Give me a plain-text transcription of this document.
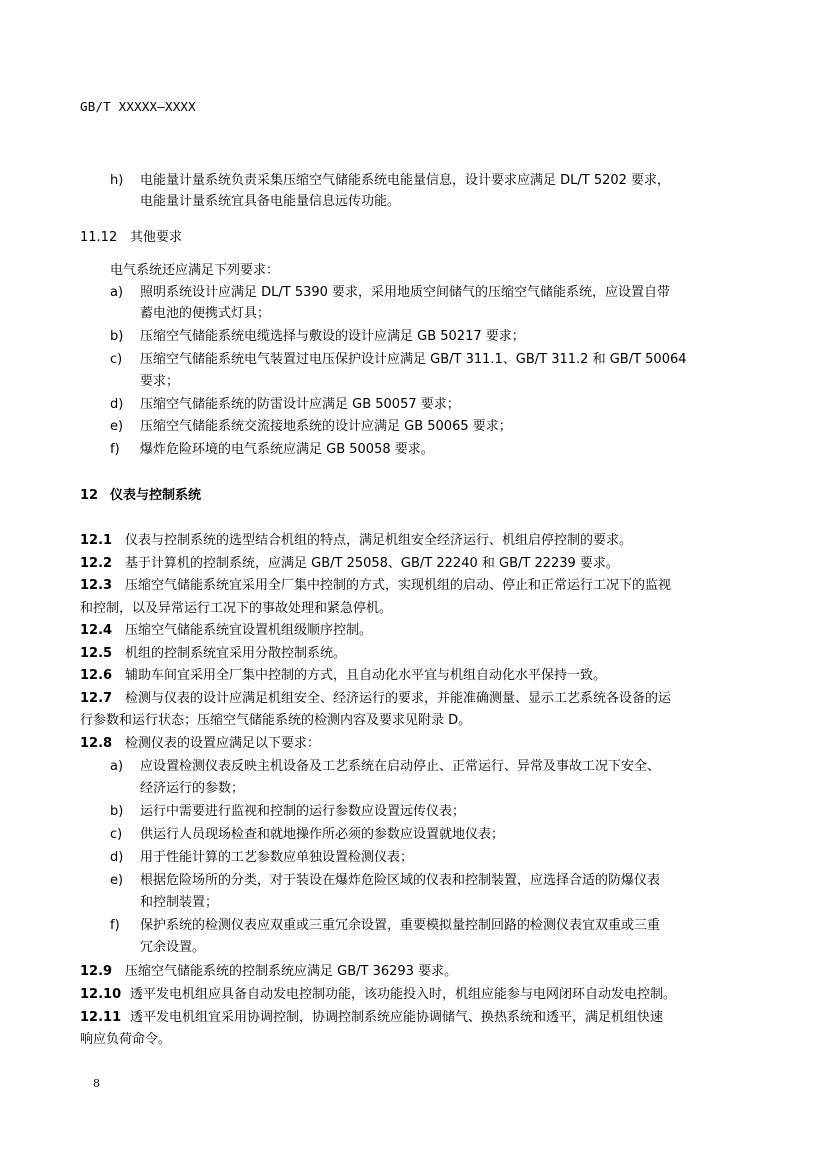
GB/T XXXXX—XXXX
h) 电能量计量系统负责采集压缩空气储能系统电能量信息，设计要求应满足 DL/T 5202 要求，
电能量计量系统宜具备电能量信息远传功能。
11.12 其他要求
电气系统还应满足下列要求：
a) 照明系统设计应满足 DL/T 5390 要求，采用地质空间储气的压缩空气储能系统，应设置自带
蓄电池的便携式灯具；
b) 压缩空气储能系统电缆选择与敷设的设计应满足 GB 50217 要求；
c) 压缩空气储能系统电气装置过电压保护设计应满足 GB/T 311.1、GB/T 311.2 和 GB/T 50064
要求；
d) 压缩空气储能系统的防雷设计应满足 GB 50057 要求；
e) 压缩空气储能系统交流接地系统的设计应满足 GB 50065 要求；
f) 爆炸危险环境的电气系统应满足 GB 50058 要求。
12 仪表与控制系统
12.1 仪表与控制系统的选型结合机组的特点，满足机组安全经济运行、机组启停控制的要求。
12.2 基于计算机的控制系统，应满足 GB/T 25058、GB/T 22240 和 GB/T 22239 要求。
12.3 压缩空气储能系统宜采用全厂集中控制的方式，实现机组的启动、停止和正常运行工况下的监视
和控制，以及异常运行工况下的事故处理和紧急停机。
12.4 压缩空气储能系统宜设置机组级顺序控制。
12.5 机组的控制系统宜采用分散控制系统。
12.6 辅助车间宜采用全厂集中控制的方式，且自动化水平宜与机组自动化水平保持一致。
12.7 检测与仪表的设计应满足机组安全、经济运行的要求，并能准确测量、显示工艺系统各设备的运
行参数和运行状态；压缩空气储能系统的检测内容及要求见附录 D。
12.8 检测仪表的设置应满足以下要求：
a) 应设置检测仪表反映主机设备及工艺系统在启动停止、正常运行、异常及事故工况下安全、
经济运行的参数；
b) 运行中需要进行监视和控制的运行参数应设置远传仪表；
c) 供运行人员现场检查和就地操作所必须的参数应设置就地仪表；
d) 用于性能计算的工艺参数应单独设置检测仪表；
e) 根据危险场所的分类，对于装设在爆炸危险区域的仪表和控制装置，应选择合适的防爆仪表
和控制装置；
f) 保护系统的检测仪表应双重或三重冗余设置，重要模拟量控制回路的检测仪表宜双重或三重
冗余设置。
12.9 压缩空气储能系统的控制系统应满足 GB/T 36293 要求。
12.10 透平发电机组应具备自动发电控制功能，该功能投入时，机组应能参与电网闭环自动发电控制。
12.11 透平发电机组宜采用协调控制，协调控制系统应能协调储气、换热系统和透平，满足机组快速
响应负荷命令。
8
